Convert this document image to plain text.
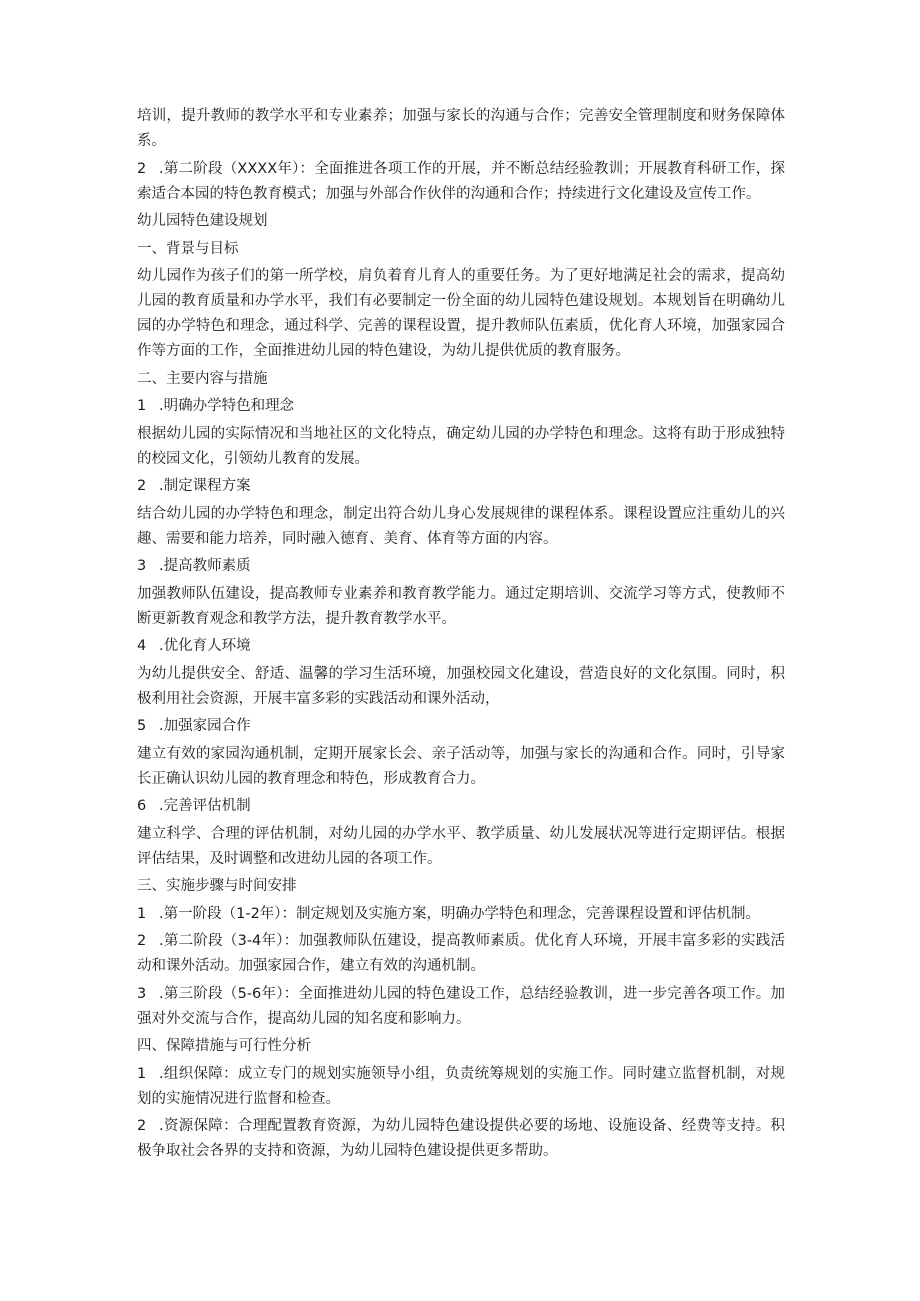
培训，提升教师的教学水平和专业素养；加强与家长的沟通与合作；完善安全管理制度和财务保障体系。
2 .第二阶段（XXXX年）：全面推进各项工作的开展，并不断总结经验教训；开展教育科研工作，探索适合本园的特色教育模式；加强与外部合作伙伴的沟通和合作；持续进行文化建设及宣传工作。
幼儿园特色建设规划
一、背景与目标
幼儿园作为孩子们的第一所学校，肩负着育儿育人的重要任务。为了更好地满足社会的需求，提高幼儿园的教育质量和办学水平，我们有必要制定一份全面的幼儿园特色建设规划。本规划旨在明确幼儿园的办学特色和理念，通过科学、完善的课程设置，提升教师队伍素质，优化育人环境，加强家园合作等方面的工作，全面推进幼儿园的特色建设，为幼儿提供优质的教育服务。
二、主要内容与措施
1 .明确办学特色和理念
根据幼儿园的实际情况和当地社区的文化特点，确定幼儿园的办学特色和理念。这将有助于形成独特的校园文化，引领幼儿教育的发展。
2 .制定课程方案
结合幼儿园的办学特色和理念，制定出符合幼儿身心发展规律的课程体系。课程设置应注重幼儿的兴趣、需要和能力培养，同时融入德育、美育、体育等方面的内容。
3 .提高教师素质
加强教师队伍建设，提高教师专业素养和教育教学能力。通过定期培训、交流学习等方式，使教师不断更新教育观念和教学方法，提升教育教学水平。
4 .优化育人环境
为幼儿提供安全、舒适、温馨的学习生活环境，加强校园文化建设，营造良好的文化氛围。同时，积极利用社会资源，开展丰富多彩的实践活动和课外活动，
5 .加强家园合作
建立有效的家园沟通机制，定期开展家长会、亲子活动等，加强与家长的沟通和合作。同时，引导家长正确认识幼儿园的教育理念和特色，形成教育合力。
6 .完善评估机制
建立科学、合理的评估机制，对幼儿园的办学水平、教学质量、幼儿发展状况等进行定期评估。根据评估结果，及时调整和改进幼儿园的各项工作。
三、实施步骤与时间安排
1 .第一阶段（1-2年）：制定规划及实施方案，明确办学特色和理念，完善课程设置和评估机制。
2 .第二阶段（3-4年）：加强教师队伍建设，提高教师素质。优化育人环境，开展丰富多彩的实践活动和课外活动。加强家园合作，建立有效的沟通机制。
3 .第三阶段（5-6年）：全面推进幼儿园的特色建设工作，总结经验教训，进一步完善各项工作。加强对外交流与合作，提高幼儿园的知名度和影响力。
四、保障措施与可行性分析
1 .组织保障：成立专门的规划实施领导小组，负责统筹规划的实施工作。同时建立监督机制，对规划的实施情况进行监督和检查。
2 .资源保障：合理配置教育资源，为幼儿园特色建设提供必要的场地、设施设备、经费等支持。积极争取社会各界的支持和资源，为幼儿园特色建设提供更多帮助。
